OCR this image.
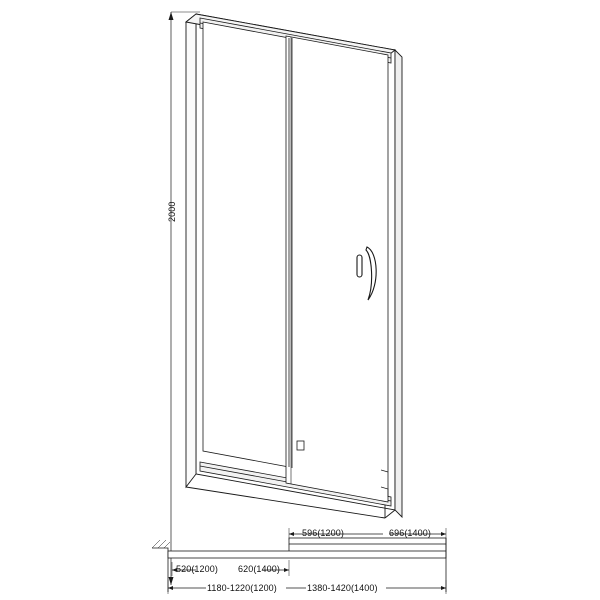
2000
596(1200)	696(1400)
520(1200) 620(1400)
1180-1220(1200)	1380-1420(1400)
